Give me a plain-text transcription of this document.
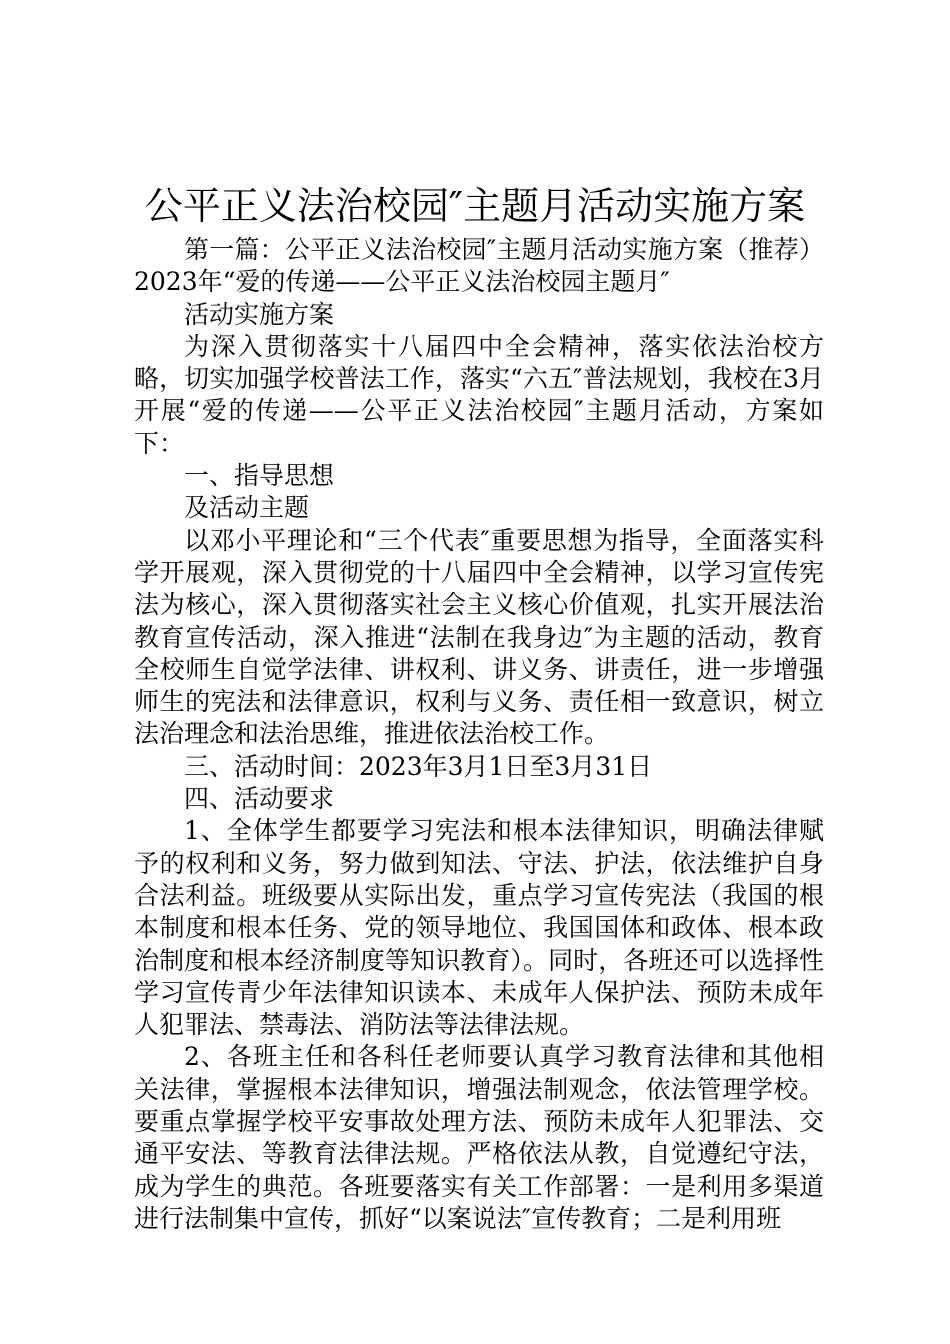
公平正义法治校园″主题月活动实施方案

第一篇：公平正义法治校园″主题月活动实施方案（推荐）2023年“爱的传递——公平正义法治校园主题月″

活动实施方案

为深入贯彻落实十八届四中全会精神，落实依法治校方略，切实加强学校普法工作，落实“六五″普法规划，我校在3月开展“爱的传递——公平正义法治校园″主题月活动，方案如下：

一、指导思想

及活动主题

以邓小平理论和“三个代表″重要思想为指导，全面落实科学开展观，深入贯彻党的十八届四中全会精神，以学习宣传宪法为核心，深入贯彻落实社会主义核心价值观，扎实开展法治教育宣传活动，深入推进“法制在我身边″为主题的活动，教育全校师生自觉学法律、讲权利、讲义务、讲责任，进一步增强师生的宪法和法律意识，权利与义务、责任相一致意识，树立法治理念和法治思维，推进依法治校工作。

三、活动时间：2023年3月1日至3月31日

四、活动要求

1、全体学生都要学习宪法和根本法律知识，明确法律赋予的权利和义务，努力做到知法、守法、护法，依法维护自身合法利益。班级要从实际出发，重点学习宣传宪法（我国的根本制度和根本任务、党的领导地位、我国国体和政体、根本政治制度和根本经济制度等知识教育）。同时，各班还可以选择性学习宣传青少年法律知识读本、未成年人保护法、预防未成年人犯罪法、禁毒法、消防法等法律法规。

2、各班主任和各科任老师要认真学习教育法律和其他相关法律，掌握根本法律知识，增强法制观念，依法管理学校。要重点掌握学校平安事故处理方法、预防未成年人犯罪法、交通平安法、等教育法律法规。严格依法从教，自觉遵纪守法，成为学生的典范。各班要落实有关工作部署：一是利用多渠道进行法制集中宣传，抓好“以案说法″宣传教育；二是利用班
